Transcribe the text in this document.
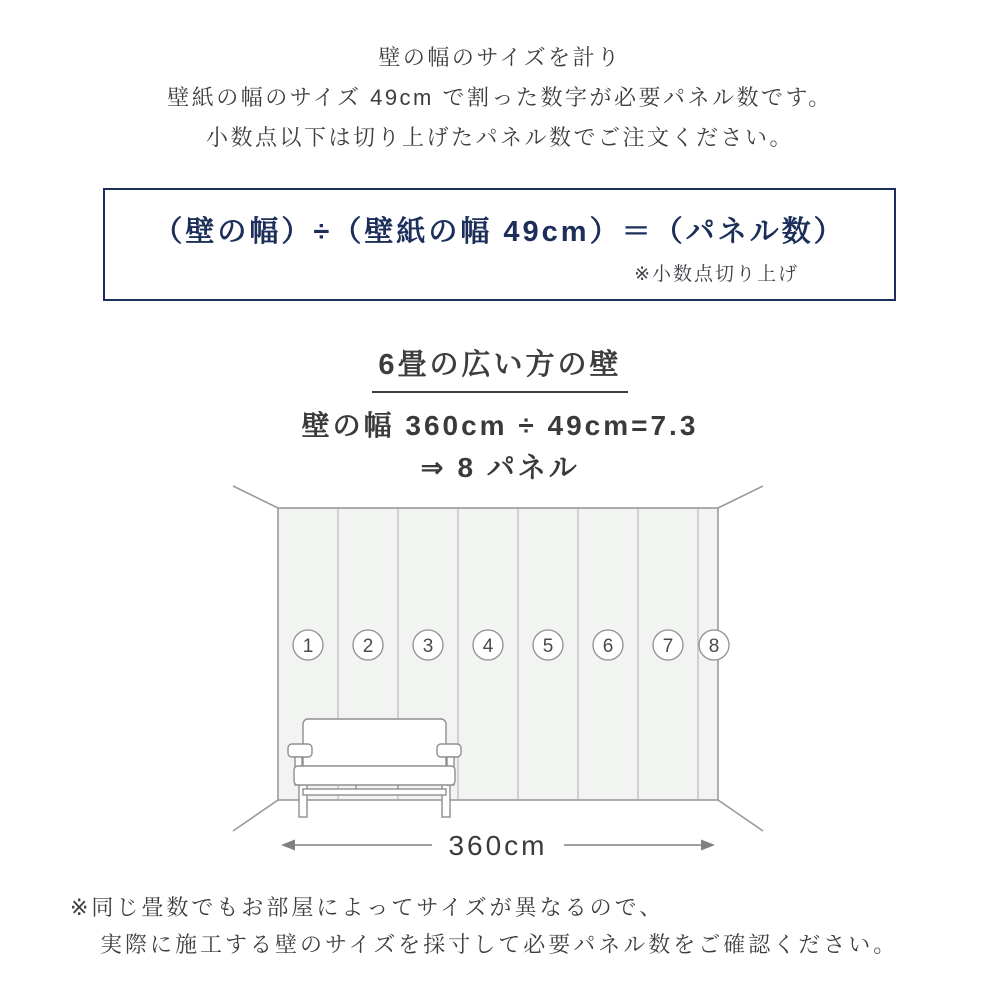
壁の幅のサイズを計り
壁紙の幅のサイズ 49cm で割った数字が必要パネル数です。
小数点以下は切り上げたパネル数でご注文ください。
（壁の幅）÷（壁紙の幅 49cm）＝（パネル数）
※小数点切り上げ
6畳の広い方の壁
壁の幅 360cm ÷ 49cm=7.3
⇒ 8 パネル
1	2	3	4	5	6	7 8
360cm
※同じ畳数でもお部屋によってサイズが異なるので、
実際に施工する壁のサイズを採寸して必要パネル数をご確認ください。
